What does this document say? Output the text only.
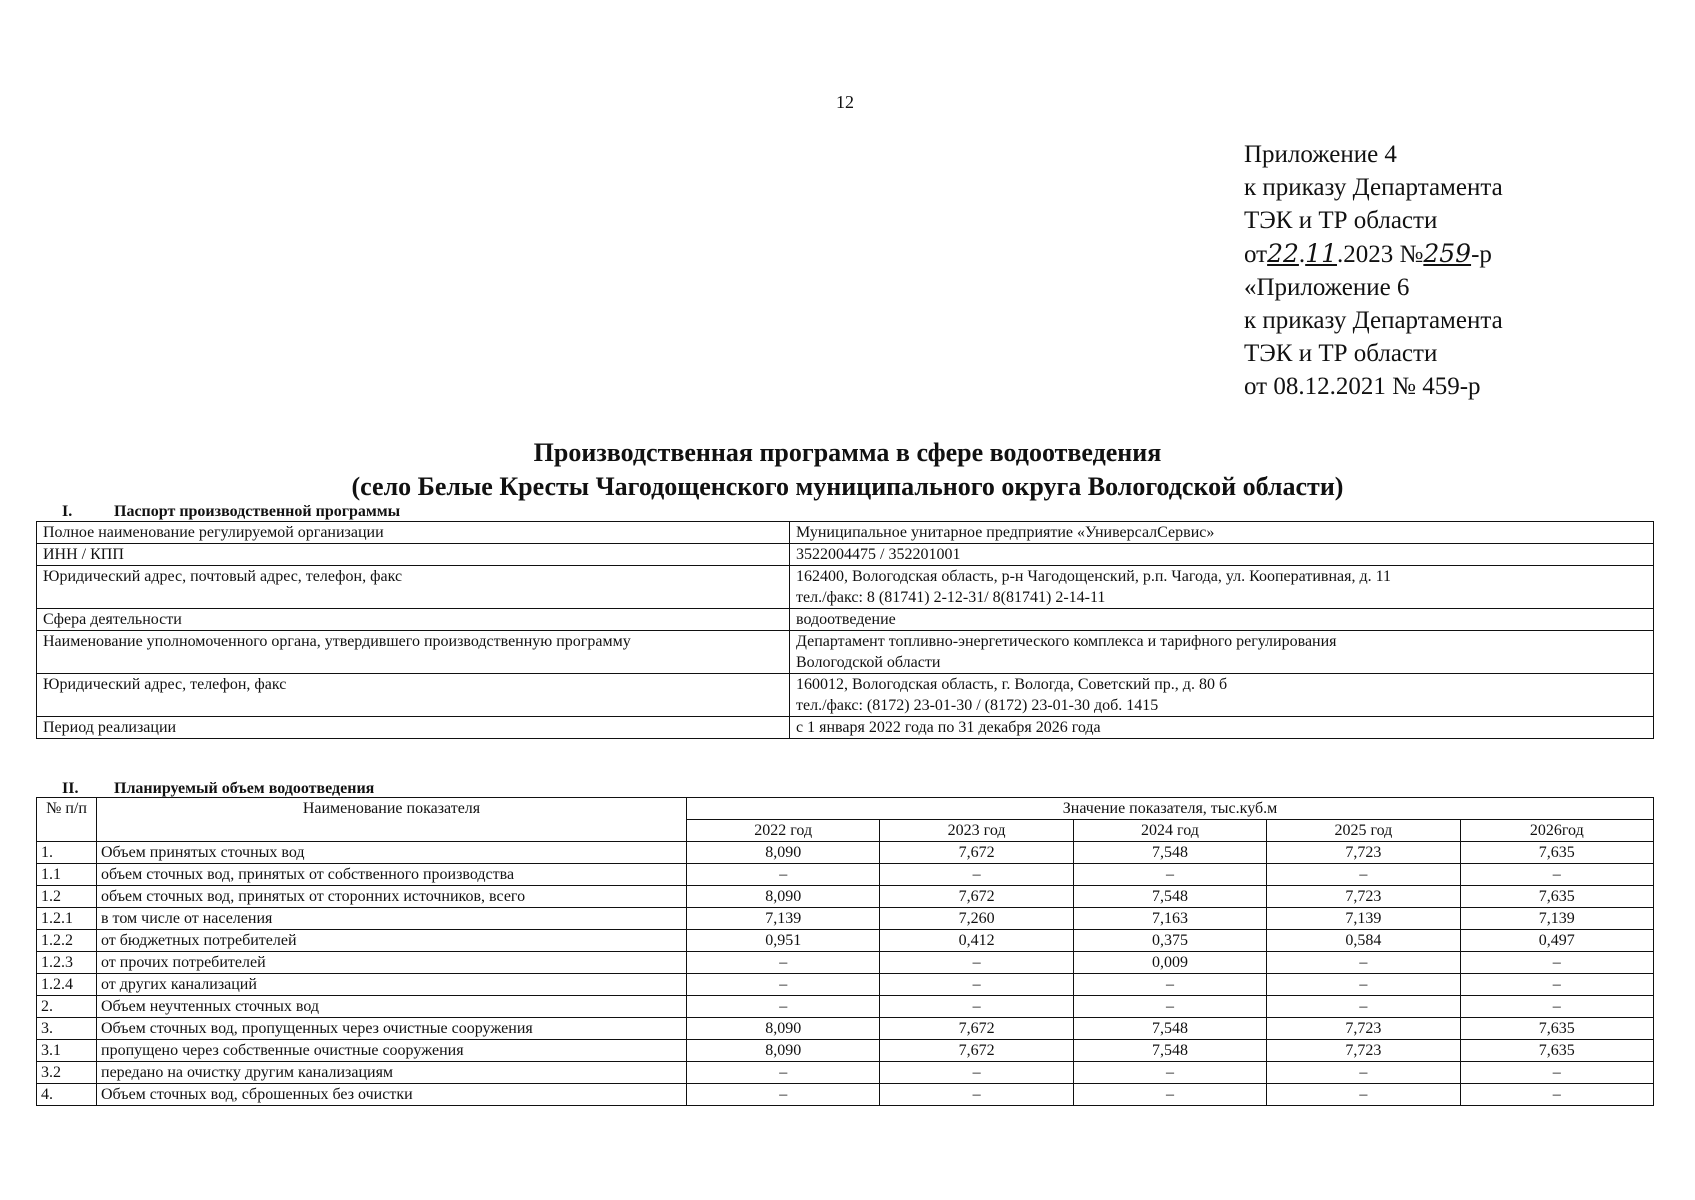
12
Приложение 4
к приказу Департамента
ТЭК и ТР области
от22.11.2023 №259-р
«Приложение 6
к приказу Департамента
ТЭК и ТР области
от 08.12.2021 № 459-р
Производственная программа в сфере водоотведения
(село Белые Кресты Чагодощенского муниципального округа Вологодской области)
I.	Паспорт производственной программы
Полное наименование регулируемой организации	Муниципальное унитарное предприятие «УниверсалСервис»

ИНН / КПП	3522004475 / 352201001

Юридический адрес, почтовый адрес, телефон, факс	162400, Вологодская область, р-н Чагодощенский, р.п. Чагода, ул. Кооперативная, д. 11
тел./факс: 8 (81741) 2-12-31/ 8(81741) 2-14-11

Сфера деятельности	водоотведение

Наименование уполномоченного органа, утвердившего производственную программу	Департамент топливно-энергетического комплекса и тарифного регулирования
Вологодской области

Юридический адрес, телефон, факс	160012, Вологодская область, г. Вологда, Советский пр., д. 80 б
тел./факс: (8172) 23-01-30 / (8172) 23-01-30 доб. 1415

Период реализации	с 1 января 2022 года по 31 декабря 2026 года
II. Планируемый объем водоотведения
№ п/п	Наименование показателя	Значение показателя, тыс.куб.м				
		2022 год	2023 год	2024 год	2025 год	2026год
1.	Объем принятых сточных вод	8,090	7,672	7,548	7,723	7,635
1.1	объем сточных вод, принятых от собственного производства	–	–	–	–	–
1.2	объем сточных вод, принятых от сторонних источников, всего	8,090	7,672	7,548	7,723	7,635
1.2.1	в том числе от населения	7,139	7,260	7,163	7,139	7,139
1.2.2	от бюджетных потребителей	0,951	0,412	0,375	0,584	0,497
1.2.3	от прочих потребителей	–	–	0,009	–	–
1.2.4	от других канализаций	–	–	–	–	–
2.	Объем неучтенных сточных вод	–	–	–	–	–
3.	Объем сточных вод, пропущенных через очистные сооружения	8,090	7,672	7,548	7,723	7,635
3.1	пропущено через собственные очистные сооружения	8,090	7,672	7,548	7,723	7,635
3.2	передано на очистку другим канализациям	–	–	–	–	–
4.	Объем сточных вод, сброшенных без очистки	–	–	–	–	–
